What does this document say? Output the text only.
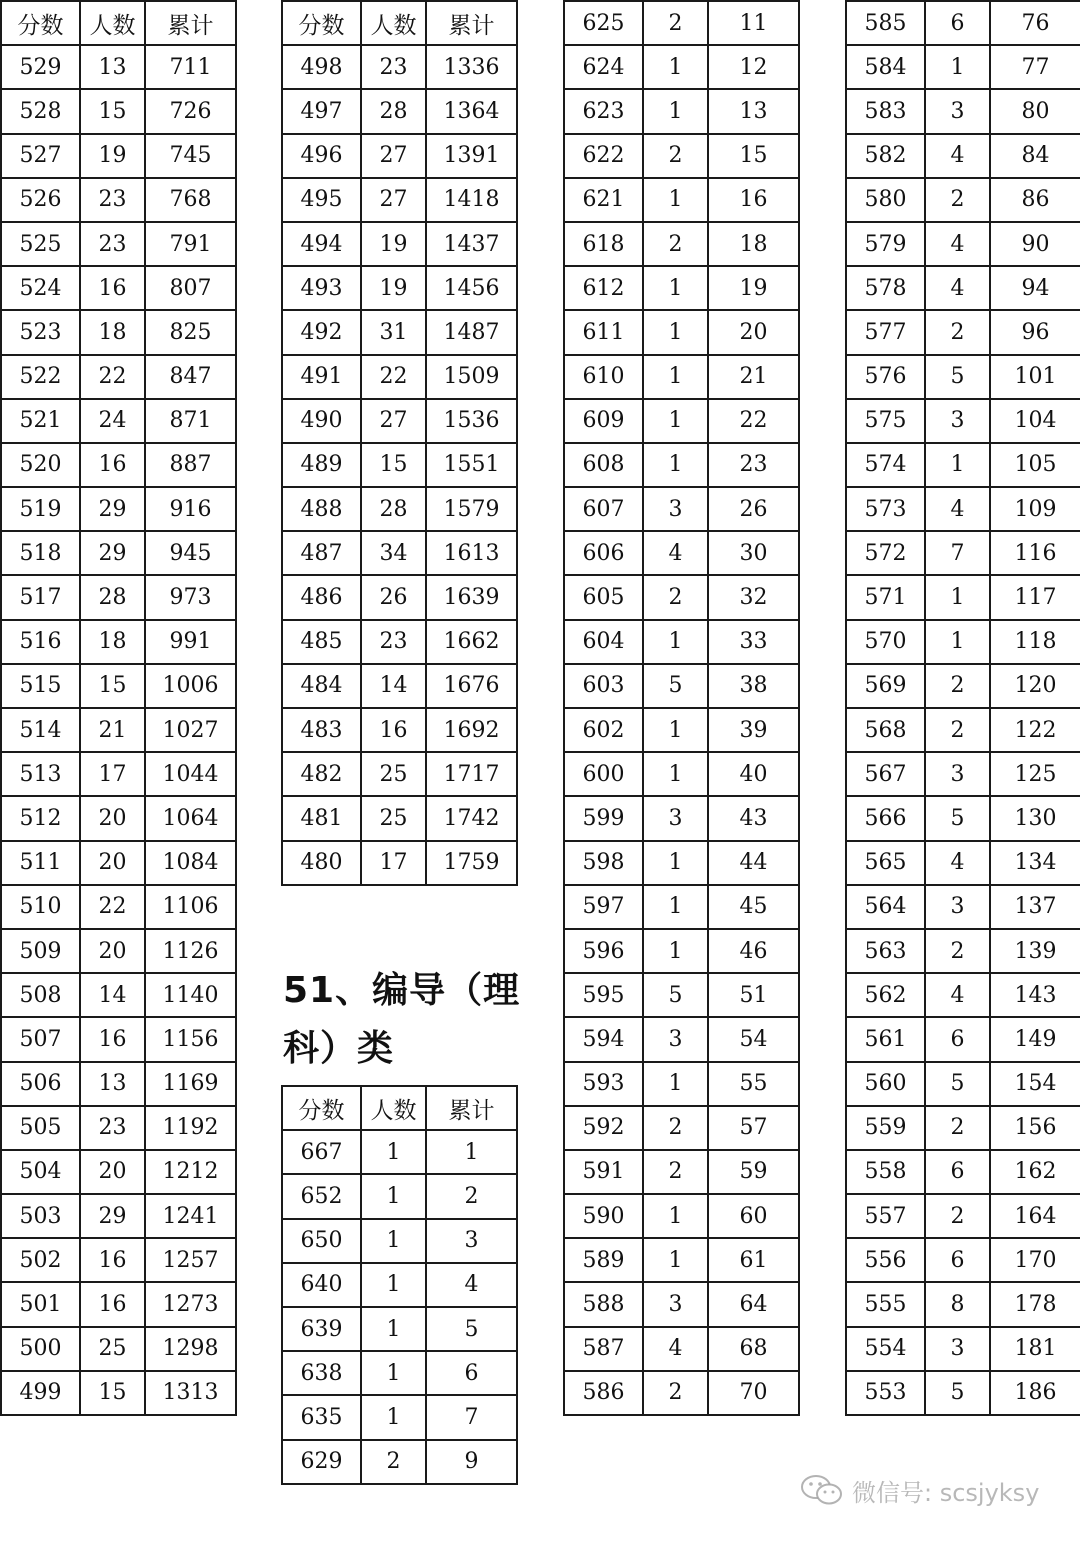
分数	人数	累计
529	13	711
528	15	726
527	19	745
526	23	768
525	23	791
524	16	807
523	18	825
522	22	847
521	24	871
520	16	887
519	29	916
518	29	945
517	28	973
516	18	991
515	15	1006
514	21	1027
513	17	1044
512	20	1064
511	20	1084
510	22	1106
509	20	1126
508	14	1140
507	16	1156
506	13	1169
505	23	1192
504	20	1212
503	29	1241
502	16	1257
501	16	1273
500	25	1298
499	15	1313
分数	人数	累计
498	23	1336
497	28	1364
496	27	1391
495	27	1418
494	19	1437
493	19	1456
492	31	1487
491	22	1509
490	27	1536
489	15	1551
488	28	1579
487	34	1613
486	26	1639
485	23	1662
484	14	1676
483	16	1692
482	25	1717
481	25	1742
480	17	1759
51、编导（理科）类
分数	人数	累计
667	1	1
652	1	2
650	1	3
640	1	4
639	1	5
638	1	6
635	1	7
629	2	9
625	2	11
624	1	12
623	1	13
622	2	15
621	1	16
618	2	18
612	1	19
611	1	20
610	1	21
609	1	22
608	1	23
607	3	26
606	4	30
605	2	32
604	1	33
603	5	38
602	1	39
600	1	40
599	3	43
598	1	44
597	1	45
596	1	46
595	5	51
594	3	54
593	1	55
592	2	57
591	2	59
590	1	60
589	1	61
588	3	64
587	4	68
586	2	70
585	6	76
584	1	77
583	3	80
582	4	84
580	2	86
579	4	90
578	4	94
577	2	96
576	5	101
575	3	104
574	1	105
573	4	109
572	7	116
571	1	117
570	1	118
569	2	120
568	2	122
567	3	125
566	5	130
565	4	134
564	3	137
563	2	139
562	4	143
561	6	149
560	5	154
559	2	156
558	6	162
557	2	164
556	6	170
555	8	178
554	3	181
553	5	186
微信号: scsjyksy
